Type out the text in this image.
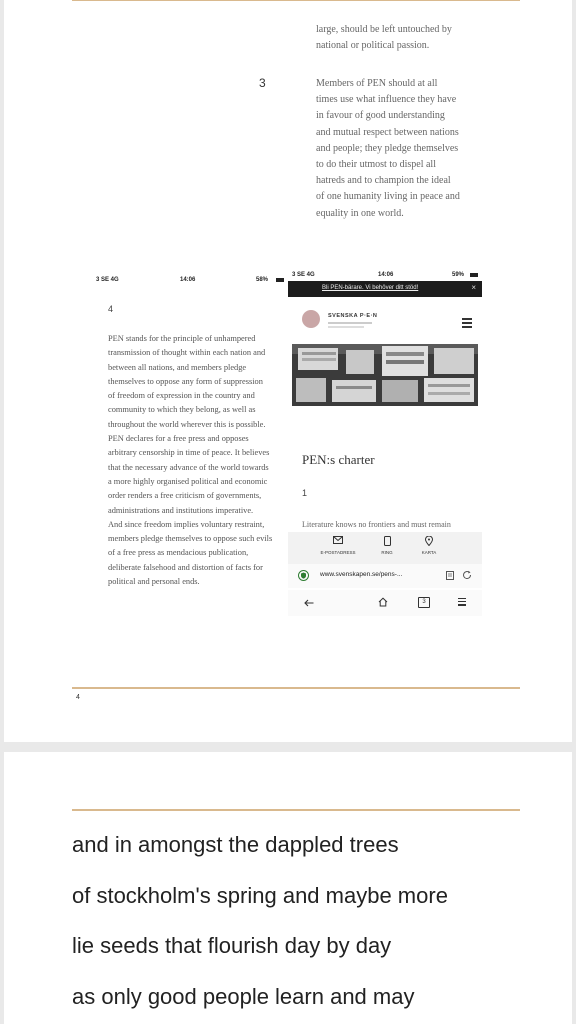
large, should be left untouched by
national or political passion.
3	Members of PEN should at all
times use what influence they have
in favour of good understanding
and mutual respect between nations
and people; they pledge themselves
to do their utmost to dispel all
hatreds and to champion the ideal
of one humanity living in peace and
equality in one world.
3 SE 4G	14:06	58%
4
PEN stands for the principle of unhampered
transmission of thought within each nation and
between all nations, and members pledge
themselves to oppose any form of suppression
of freedom of expression in the country and
community to which they belong, as well as
throughout the world wherever this is possible.
PEN declares for a free press and opposes
arbitrary censorship in time of peace. It believes
that the necessary advance of the world towards
a more highly organised political and economic
order renders a free criticism of governments,
administrations and institutions imperative.
And since freedom implies voluntary restraint,
members pledge themselves to oppose such evils
of a free press as mendacious publication,
deliberate falsehood and distortion of facts for
political and personal ends.
3 SE 4G	14:06	59%
Bli PEN-bärare. Vi behöver ditt stöd!	×
SVENSKA P·E·N
PEN:s charter
1
Literature knows no frontiers and must remain
E-POSTADRESS	RING	KARTA
www.svenskapen.se/pens-...
3
4
and in amongst the dappled trees
of stockholm's spring and maybe more
lie seeds that flourish day by day
as only good people learn and may
